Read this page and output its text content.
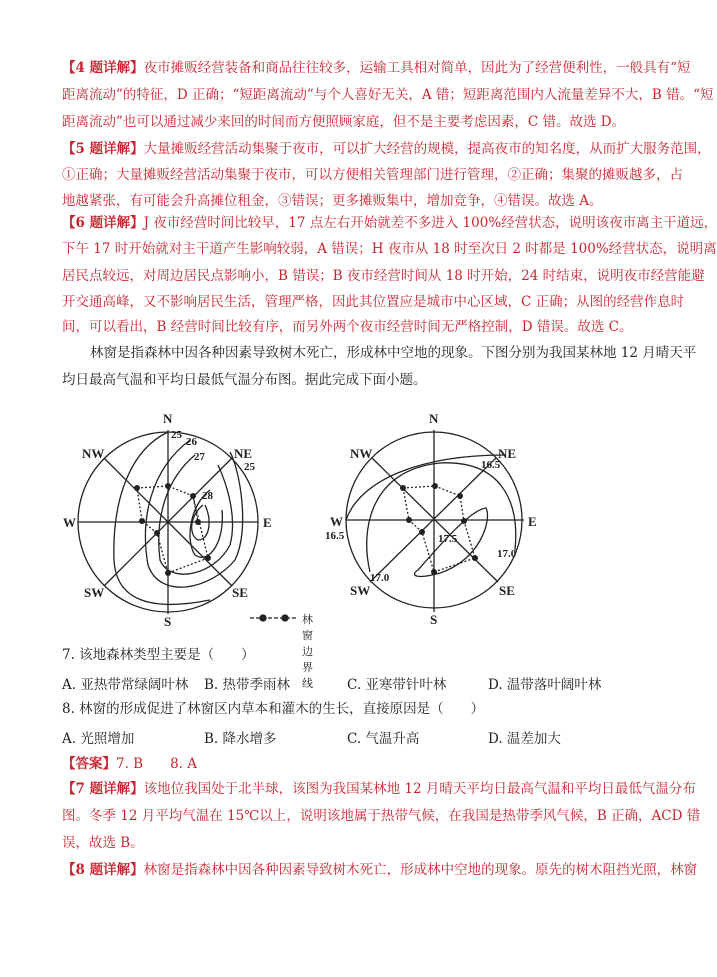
【4 题详解】夜市摊贩经营装备和商品往往较多，运输工具相对简单，因此为了经营便利性，一般具有“短
距离流动”的特征，D 正确；“短距离流动”与个人喜好无关，A 错；短距离范围内人流量差异不大，B 错。“短
距离流动”也可以通过减少来回的时间而方便照顾家庭，但不是主要考虑因素，C 错。故选 D。
【5 题详解】大量摊贩经营活动集聚于夜市，可以扩大经营的规模，提高夜市的知名度，从而扩大服务范围，
①正确；大量摊贩经营活动集聚于夜市，可以方便相关管理部门进行管理，②正确；集聚的摊贩越多，占
地越紧张，有可能会升高摊位租金，③错误；更多摊贩集中，增加竞争，④错误。故选 A。
【6 题详解】J 夜市经营时间比较早，17 点左右开始就差不多进入 100%经营状态，说明该夜市离主干道远，
下午 17 时开始就对主干道产生影响较弱，A 错误；H 夜市从 18 时至次日 2 时都是 100%经营状态，说明离
居民点较远，对周边居民点影响小，B 错误；B 夜市经营时间从 18 时开始，24 时结束，说明夜市经营能避
开交通高峰，又不影响居民生活，管理严格，因此其位置应是城市中心区域，C 正确；从图的经营作息时
间，可以看出，B 经营时间比较有序，而另外两个夜市经营时间无严格控制，D 错误。故选 C。
林窗是指森林中因各种因素导致树木死亡，形成林中空地的现象。下图分别为我国某林地 12 月晴天平
均日最高气温和平均日最低气温分布图。据此完成下面小题。
N
NE
E
SE
S
SW
W
NW
25
26
27
28
25
N
NE
E
SE
S
SW
W
NW
16.5
16.5	17.5
17.0
17.0
林窗边界线
7. 该地森林类型主要是（　　）
A. 亚热带常绿阔叶林 B. 热带季雨林	C. 亚寒带针叶林	D. 温带落叶阔叶林
8. 林窗的形成促进了林窗区内草本和灌木的生长，直接原因是（　　）
A. 光照增加	B. 降水增多	C. 气温升高	D. 温差加大
【答案】7. B　　8. A
【7 题详解】该地位我国处于北半球，该图为我国某林地 12 月晴天平均日最高气温和平均日最低气温分布
图。冬季 12 月平均气温在 15℃以上，说明该地属于热带气候，在我国是热带季风气候，B 正确，ACD 错
误，故选 B。
【8 题详解】林窗是指森林中因各种因素导致树木死亡，形成林中空地的现象。原先的树木阻挡光照，林窗
